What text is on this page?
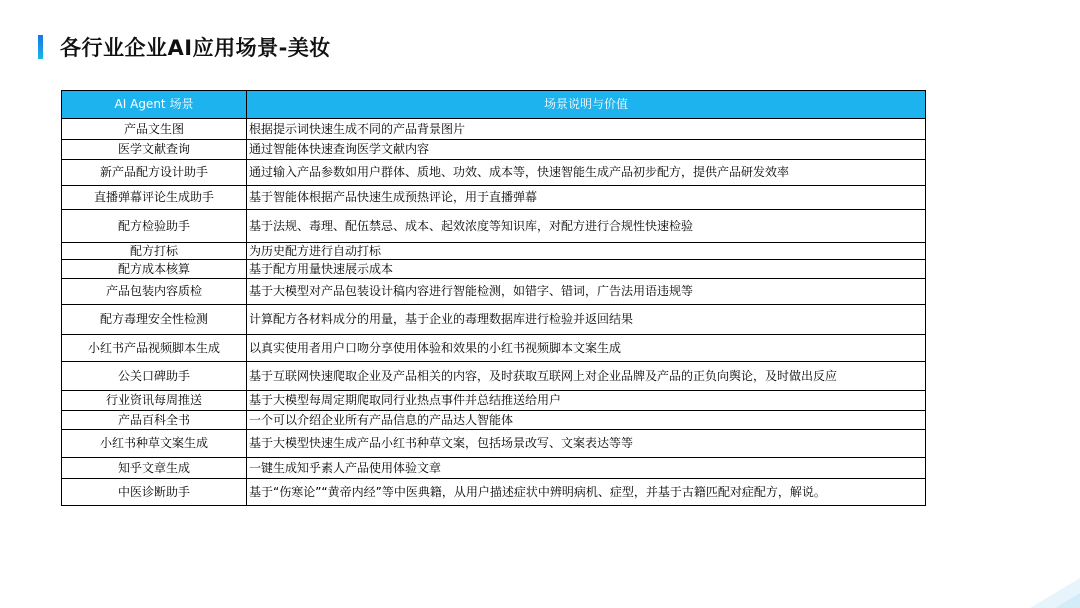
各行业企业AI应用场景-美妆
AI Agent 场景	场景说明与价值
产品文生图	根据提示词快速生成不同的产品背景图片
医学文献查询	通过智能体快速查询医学文献内容
新产品配方设计助手	通过输入产品参数如用户群体、质地、功效、成本等，快速智能生成产品初步配方，提供产品研发效率
直播弹幕评论生成助手	基于智能体根据产品快速生成预热评论，用于直播弹幕
配方检验助手	基于法规、毒理、配伍禁忌、成本、起效浓度等知识库，对配方进行合规性快速检验
配方打标	为历史配方进行自动打标
配方成本核算	基于配方用量快速展示成本
产品包装内容质检	基于大模型对产品包装设计稿内容进行智能检测，如错字、错词，广告法用语违规等
配方毒理安全性检测	计算配方各材料成分的用量，基于企业的毒理数据库进行检验并返回结果
小红书产品视频脚本生成	以真实使用者用户口吻分享使用体验和效果的小红书视频脚本文案生成
公关口碑助手	基于互联网快速爬取企业及产品相关的内容，及时获取互联网上对企业品牌及产品的正负向舆论，及时做出反应
行业资讯每周推送	基于大模型每周定期爬取同行业热点事件并总结推送给用户
产品百科全书	一个可以介绍企业所有产品信息的产品达人智能体
小红书种草文案生成	基于大模型快速生成产品小红书种草文案，包括场景改写、文案表达等等
知乎文章生成	一键生成知乎素人产品使用体验文章
中医诊断助手	基于“伤寒论”“黄帝内经”等中医典籍，从用户描述症状中辨明病机、症型，并基于古籍匹配对症配方，解说。
